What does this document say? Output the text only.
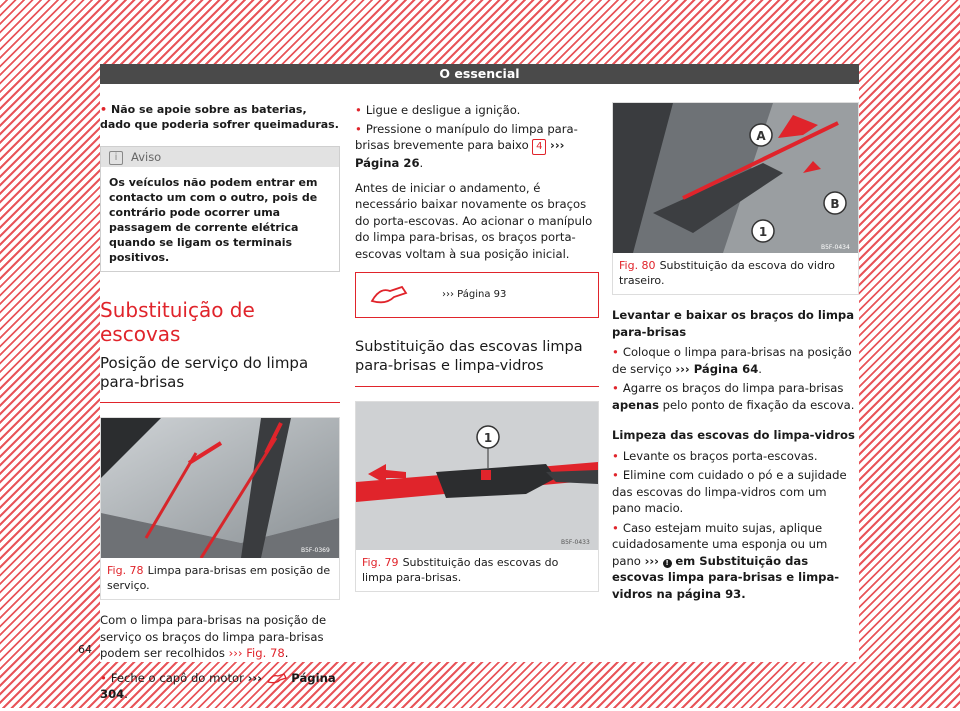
O essencial
• Não se apoie sobre as baterias, dado que poderia sofrer queimaduras.
i Aviso
Os veículos não podem entrar em contacto um com o outro, pois de contrário pode ocorrer uma passagem de corrente elétrica quando se ligam os terminais positivos.
Substituição de escovas
Posição de serviço do limpa para-brisas
B5F-0369
Fig. 78 Limpa para-brisas em posição de serviço.
Com o limpa para-brisas na posição de serviço os braços do limpa para-brisas podem ser recolhidos ››› Fig. 78.
• Feche o capô do motor ›››	Página 304.
64
• Ligue e desligue a ignição.
• Pressione o manípulo do limpa para-brisas brevemente para baixo 4 ››› Página 26.
Antes de iniciar o andamento, é necessário baixar novamente os braços do porta-escovas. Ao acionar o manípulo do limpa para-brisas, os braços porta-escovas voltam à sua posição inicial.
››› Página 93
Substituição das escovas limpa para-brisas e limpa-vidros
1
B5F-0433
Fig. 79 Substituição das escovas do limpa para-brisas.
A
B
1
B5F-0434
Fig. 80 Substituição da escova do vidro traseiro.
Levantar e baixar os braços do limpa para-brisas
• Coloque o limpa para-brisas na posição de serviço ››› Página 64.
• Agarre os braços do limpa para-brisas apenas pelo ponto de fixação da escova.
Limpeza das escovas do limpa-vidros
• Levante os braços porta-escovas.
• Elimine com cuidado o pó e a sujidade das escovas do limpa-vidros com um pano macio.
• Caso estejam muito sujas, aplique cuidadosamente uma esponja ou um pano ››› ! em Substituição das escovas limpa para-brisas e limpa-vidros na página 93.
